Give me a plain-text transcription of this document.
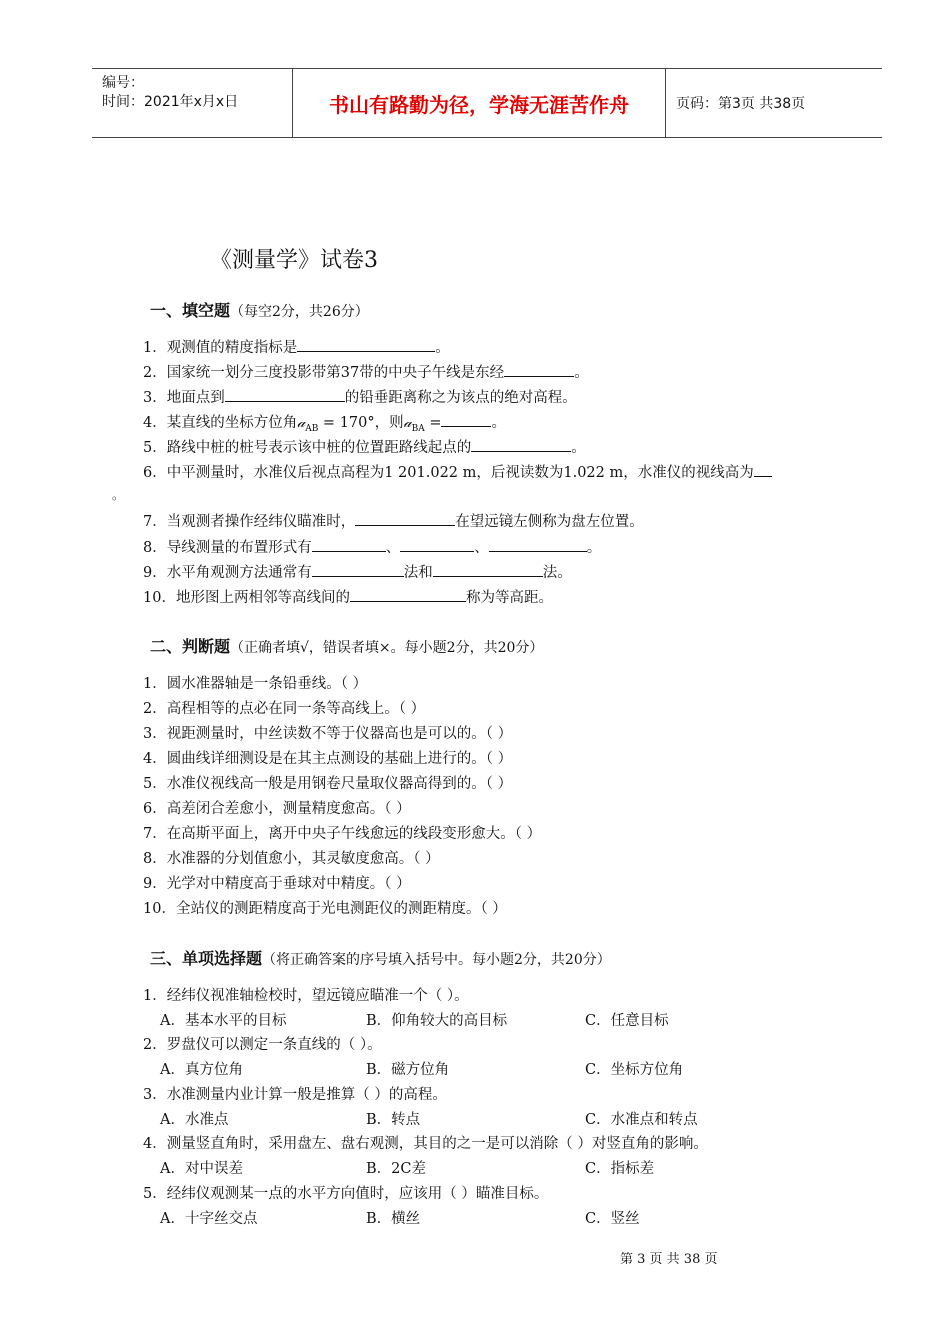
编号：
时间：2021年x月x日	书山有路勤为径，学海无涯苦作舟	页码：第3页 共38页
《测量学》试卷3
一、填空题（每空2分，共26分）
1．观测值的精度指标是	。
2．国家统一划分三度投影带第37带的中央子午线是东经	。
3．地面点到	的铅垂距离称之为该点的绝对高程。
4．某直线的坐标方位角𝒶$_{AB}$ = 170°，则𝒶$_{BA}$ =	。
5．路线中桩的桩号表示该中桩的位置距路线起点的	。
6．中平测量时，水准仪后视点高程为1 201.022 m，后视读数为1.022 m，水准仪的视线高为
。
7．当观测者操作经纬仪瞄准时，	在望远镜左侧称为盘左位置。
8．导线测量的布置形式有	、	、	。
9．水平角观测方法通常有	法和	法。
10．地形图上两相邻等高线间的	称为等高距。
二、判断题（正确者填√，错误者填×。每小题2分，共20分）
1．圆水准器轴是一条铅垂线。（ ）
2．高程相等的点必在同一条等高线上。（ ）
3．视距测量时，中丝读数不等于仪器高也是可以的。（ ）
4．圆曲线详细测设是在其主点测设的基础上进行的。（ ）
5．水准仪视线高一般是用钢卷尺量取仪器高得到的。（ ）
6．高差闭合差愈小，测量精度愈高。（ ）
7．在高斯平面上，离开中央子午线愈远的线段变形愈大。（ ）
8．水准器的分划值愈小，其灵敏度愈高。（ ）
9．光学对中精度高于垂球对中精度。（ ）
10．全站仪的测距精度高于光电测距仪的测距精度。（ ）
三、单项选择题（将正确答案的序号填入括号中。每小题2分，共20分）
1．经纬仪视准轴检校时，望远镜应瞄准一个（ ）。
A．基本水平的目标	B．仰角较大的高目标	C．任意目标
2．罗盘仪可以测定一条直线的（ ）。
A．真方位角	B．磁方位角	C．坐标方位角
3．水准测量内业计算一般是推算（ ）的高程。
A．水准点	B．转点	C．水准点和转点
4．测量竖直角时，采用盘左、盘右观测，其目的之一是可以消除（ ）对竖直角的影响。
A．对中误差	B．2C差	C．指标差
5．经纬仪观测某一点的水平方向值时，应该用（ ）瞄准目标。
A．十字丝交点	B．横丝	C．竖丝
第 3 页 共 38 页
